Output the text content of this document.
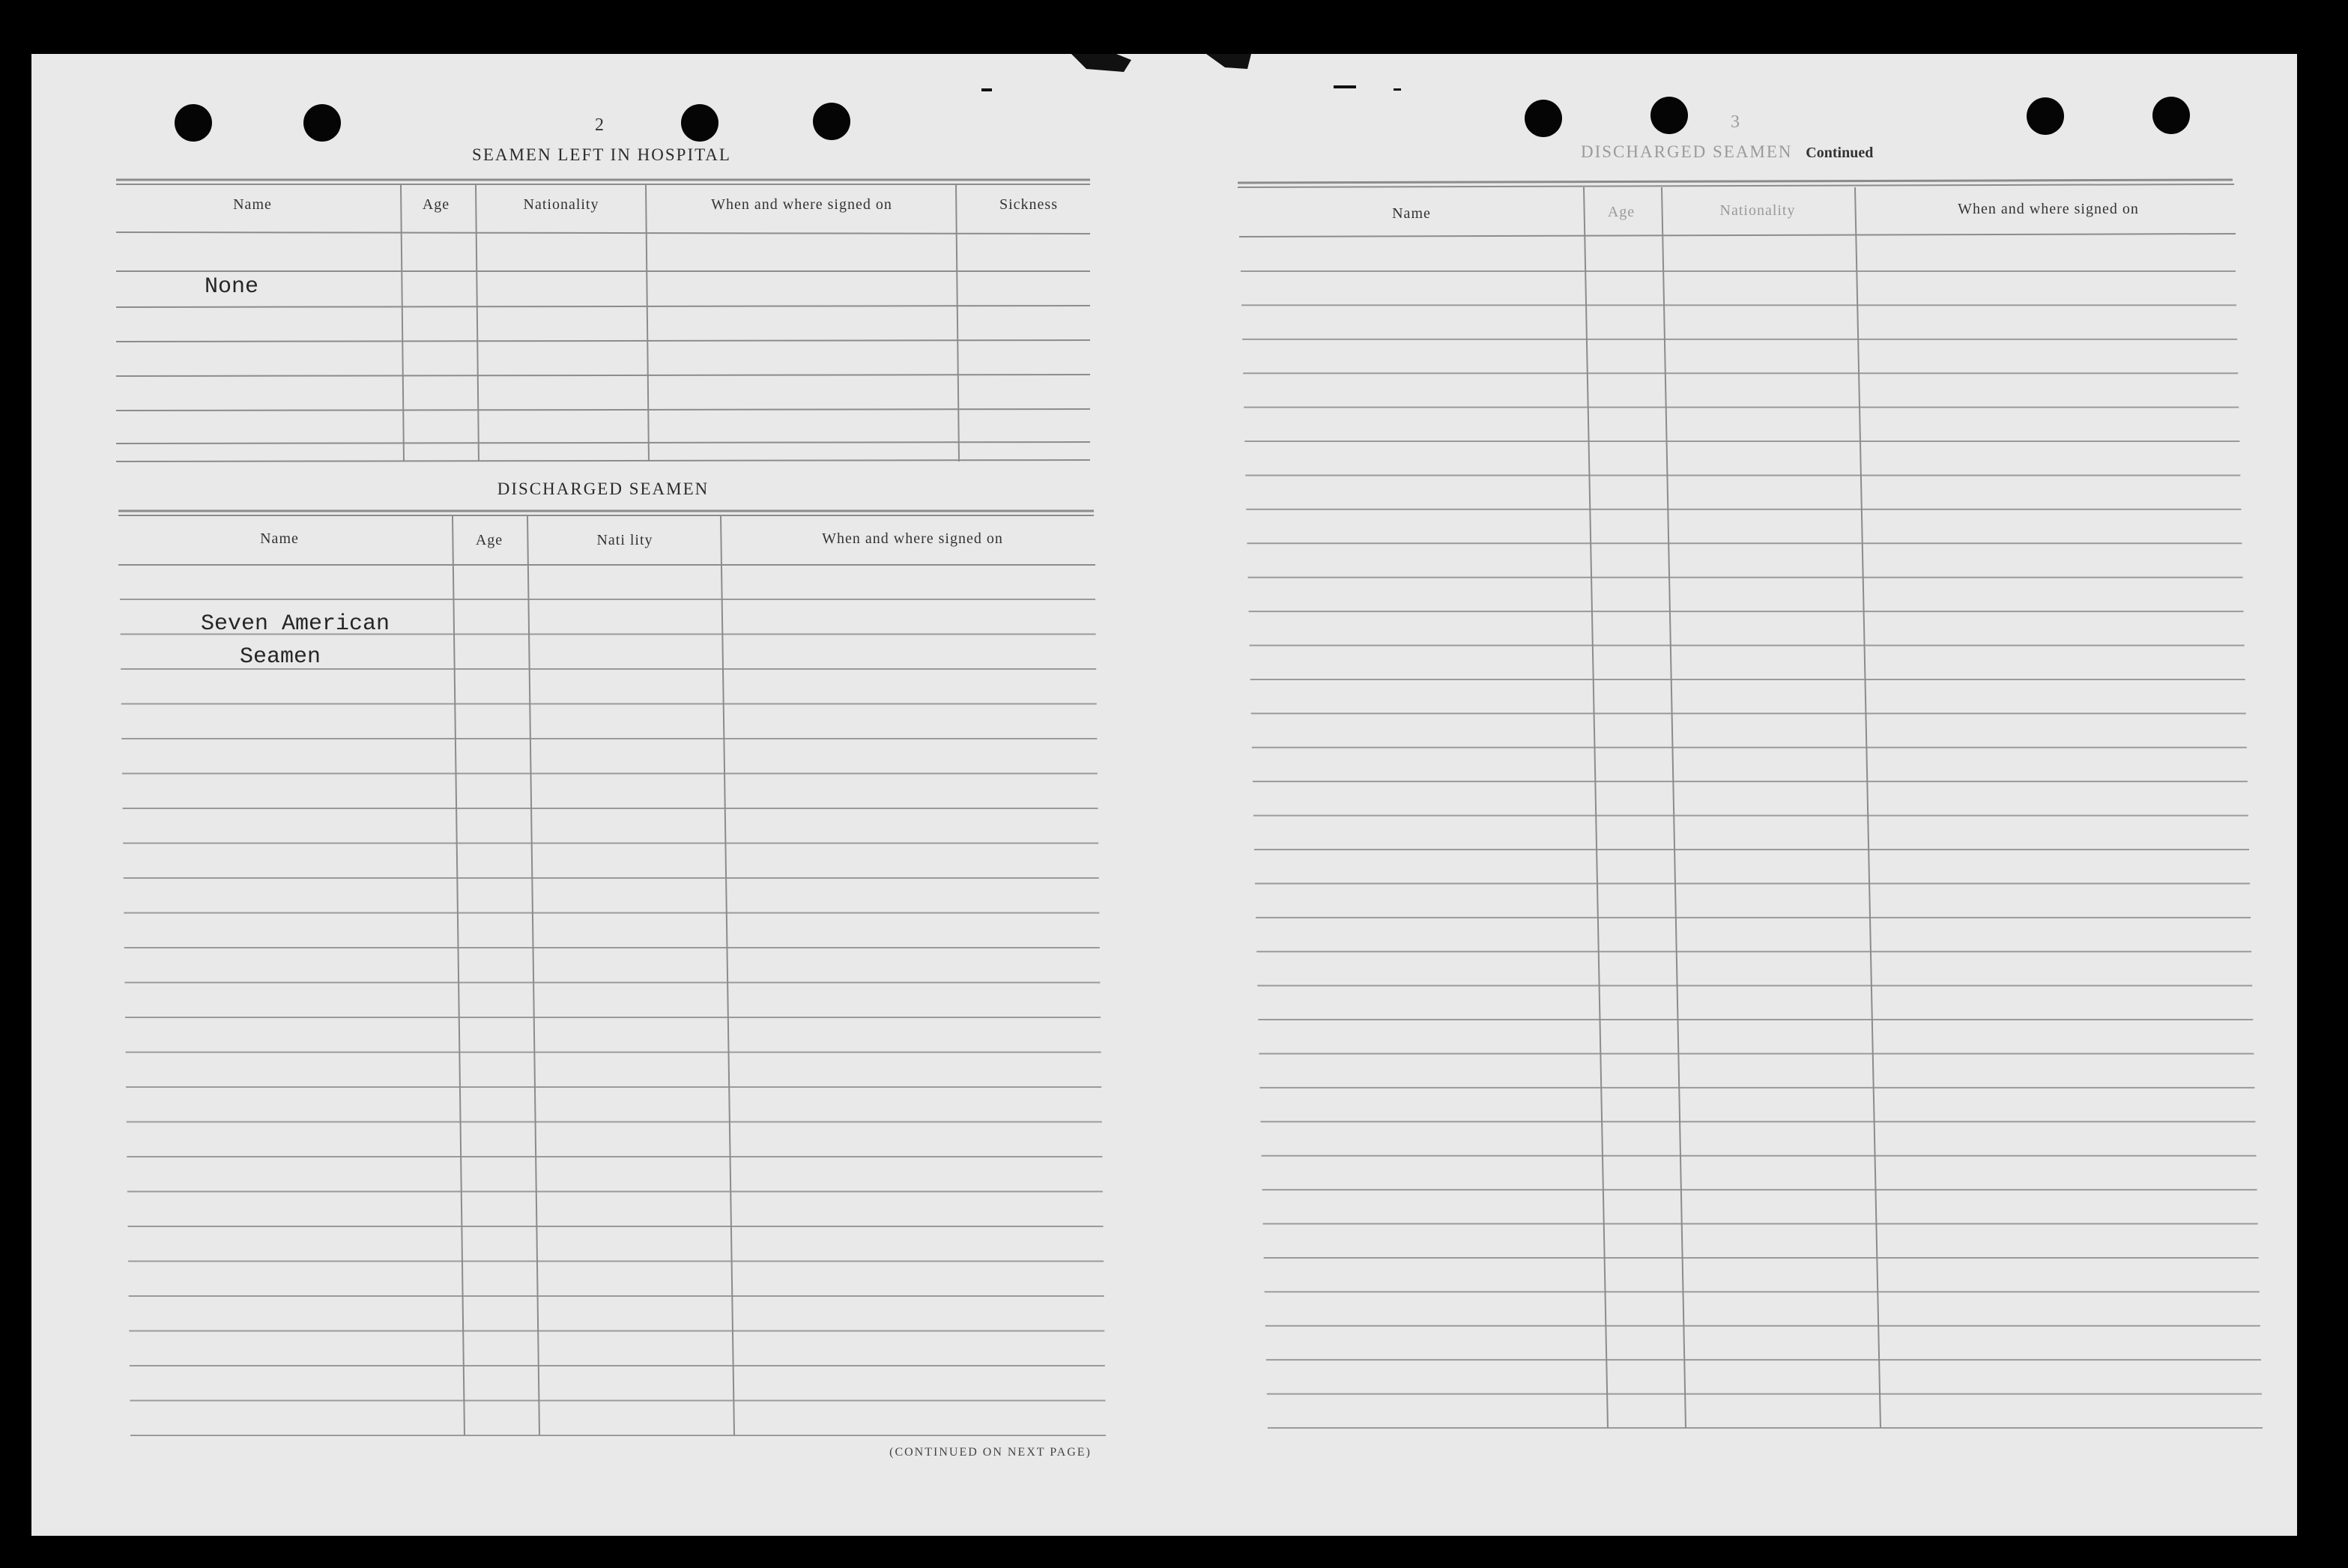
2
SEAMEN LEFT IN HOSPITAL
Name	Age	Nationality	When and where signed on	Sickness
None
DISCHARGED SEAMEN
Name	Age	Nati lity	When and where signed on
Seven American
Seamen
(CONTINUED ON NEXT PAGE)
3
DISCHARGED SEAMEN Continued
Name	Age	Nationality	When and where signed on
